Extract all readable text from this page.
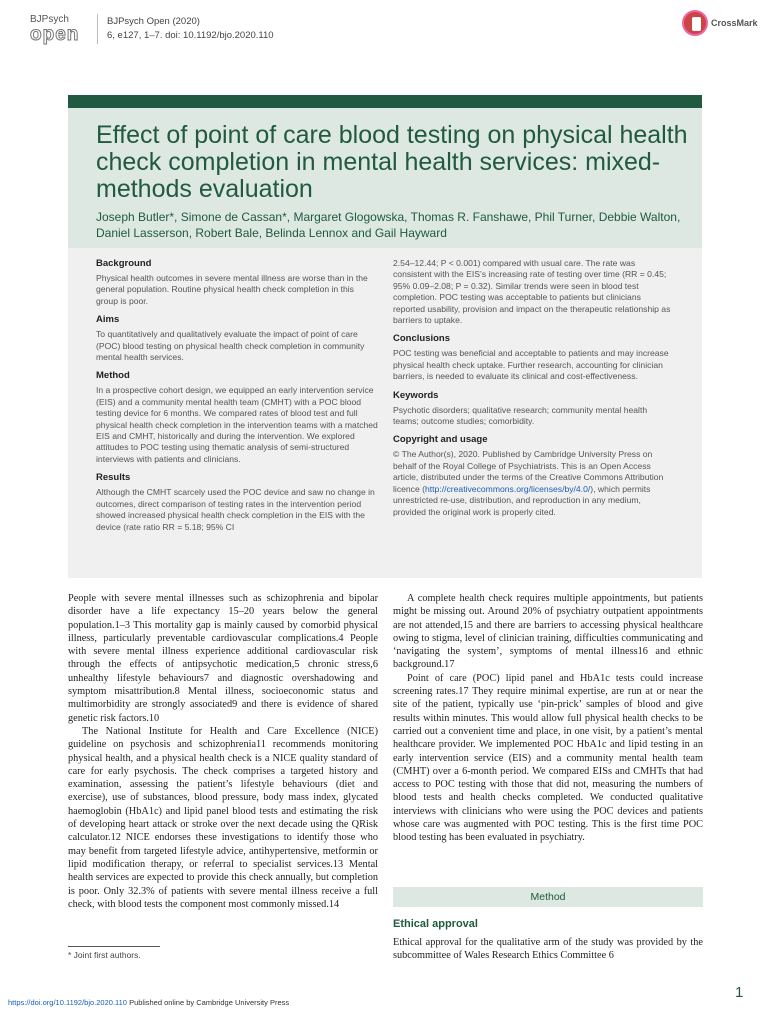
BJPsych
open
BJPsych Open (2020)
6, e127, 1–7. doi: 10.1192/bjo.2020.110
CrossMark
Effect of point of care blood testing on physical health check completion in mental health services: mixed-methods evaluation
Joseph Butler*, Simone de Cassan*, Margaret Glogowska, Thomas R. Fanshawe, Phil Turner, Debbie Walton, Daniel Lasserson, Robert Bale, Belinda Lennox and Gail Hayward
Background

Physical health outcomes in severe mental illness are worse than in the general population. Routine physical health check completion in this group is poor.

Aims

To quantitatively and qualitatively evaluate the impact of point of care (POC) blood testing on physical health check completion in community mental health services.

Method

In a prospective cohort design, we equipped an early intervention service (EIS) and a community mental health team (CMHT) with a POC blood testing device for 6 months. We compared rates of blood test and full physical health check completion in the intervention teams with a matched EIS and CMHT, historically and during the intervention. We explored attitudes to POC testing using thematic analysis of semi-structured interviews with patients and clinicians.

Results

Although the CMHT scarcely used the POC device and saw no change in outcomes, direct comparison of testing rates in the intervention period showed increased physical health check completion in the EIS with the device (rate ratio RR = 5.18; 95% CI

2.54–12.44; P < 0.001) compared with usual care. The rate was consistent with the EIS’s increasing rate of testing over time (RR = 0.45; 95% 0.09–2.08; P = 0.32). Similar trends were seen in blood test completion. POC testing was acceptable to patients but clinicians reported usability, provision and impact on the therapeutic relationship as barriers to uptake.

Conclusions

POC testing was beneficial and acceptable to patients and may increase physical health check uptake. Further research, accounting for clinician barriers, is needed to evaluate its clinical and cost-effectiveness.

Keywords

Psychotic disorders; qualitative research; community mental health teams; outcome studies; comorbidity.

Copyright and usage

© The Author(s), 2020. Published by Cambridge University Press on behalf of the Royal College of Psychiatrists. This is an Open Access article, distributed under the terms of the Creative Commons Attribution licence (http://creativecommons.org/licenses/by/4.0/), which permits unrestricted re-use, distribution, and reproduction in any medium, provided the original work is properly cited.

People with severe mental illnesses such as schizophrenia and bipolar disorder have a life expectancy 15–20 years below the general population.1–3 This mortality gap is mainly caused by comorbid physical illness, particularly preventable cardiovascular complications.4 People with severe mental illness experience additional cardiovascular risk through the effects of antipsychotic medication,5 chronic stress,6 unhealthy lifestyle behaviours7 and diagnostic overshadowing and symptom misattribution.8 Mental illness, socioeconomic status and multimorbidity are strongly associated9 and there is evidence of shared genetic risk factors.10

The National Institute for Health and Care Excellence (NICE) guideline on psychosis and schizophrenia11 recommends monitoring physical health, and a physical health check is a NICE quality standard of care for early psychosis. The check comprises a targeted history and examination, assessing the patient’s lifestyle behaviours (diet and exercise), use of substances, blood pressure, body mass index, glycated haemoglobin (HbA1c) and lipid panel blood tests and estimating the risk of developing heart attack or stroke over the next decade using the QRisk calculator.12 NICE endorses these investigations to identify those who may benefit from targeted lifestyle advice, antihypertensive, metformin or lipid modification therapy, or referral to specialist services.13 Mental health services are expected to provide this check annually, but completion is poor. Only 32.3% of patients with severe mental illness receive a full check, with blood tests the component most commonly missed.14

A complete health check requires multiple appointments, but patients might be missing out. Around 20% of psychiatry outpatient appointments are not attended,15 and there are barriers to accessing physical healthcare owing to stigma, level of clinician training, difficulties communicating and ‘navigating the system’, symptoms of mental illness16 and ethnic background.17

Point of care (POC) lipid panel and HbA1c tests could increase screening rates.17 They require minimal expertise, are run at or near the site of the patient, typically use ‘pin-prick’ samples of blood and give results within minutes. This would allow full physical health checks to be carried out a convenient time and place, in one visit, by a patient’s mental healthcare provider. We implemented POC HbA1c and lipid testing in an early intervention service (EIS) and a community mental health team (CMHT) over a 6-month period. We compared EISs and CMHTs that had access to POC testing with those that did not, measuring the numbers of blood tests and health checks completed. We conducted qualitative interviews with clinicians who were using the POC devices and patients whose care was augmented with POC testing. This is the first time POC blood testing has been evaluated in psychiatry.

Method
Ethical approval

Ethical approval for the qualitative arm of the study was provided by the subcommittee of Wales Research Ethics Committee 6

* Joint first authors.
https://doi.org/10.1192/bjo.2020.110 Published online by Cambridge University Press
1
